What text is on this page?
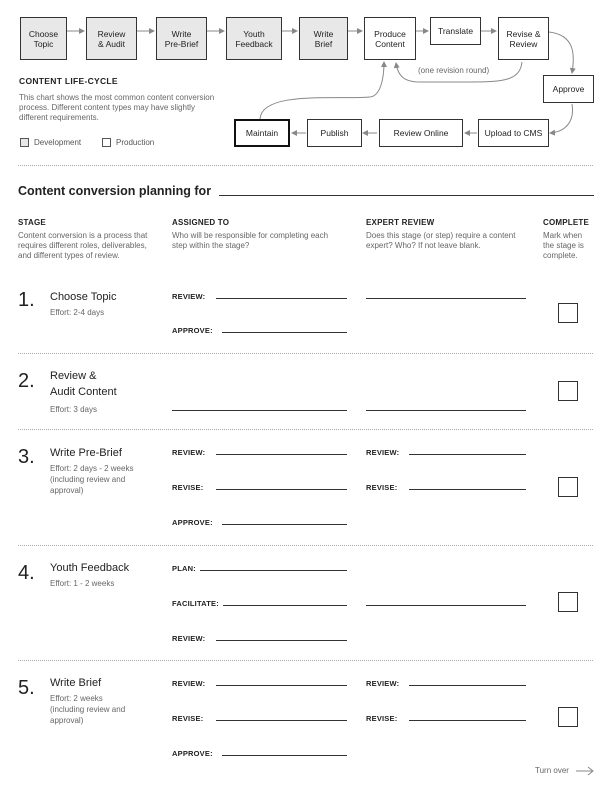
Choose
Topic
Review
& Audit
Write
Pre-Brief
Youth
Feedback
Write
Brief
Produce
Content
Translate	Revise &
Review
(one revision round)
Approve
Upload to CMS
Review Online
Publish
Maintain
CONTENT LIFE-CYCLE
This chart shows the most common content conversion process. Different content types may have slightly different requirements.
Development	Production
Content conversion planning for
STAGE
Content conversion is a process that requires different roles, deliverables, and different types of review.
ASSIGNED TO
Who will be responsible for completing each step within the stage?
EXPERT REVIEW
Does this stage (or step) require a content expert? Who? If not leave blank.
COMPLETE
Mark when the stage is complete.
1. Choose Topic
Effort: 2-4 days
REVIEW:
APPROVE:
2. Review &
Audit Content
Effort: 3 days
3. Write Pre-Brief
Effort: 2 days - 2 weeks
(including review and
approval)
REVIEW:
REVISE:
APPROVE:
REVIEW:
REVISE:
4. Youth Feedback
Effort: 1 - 2 weeks
PLAN:
FACILITATE:
REVIEW:
5. Write Brief
Effort: 2 weeks
(including review and
approval)
REVIEW:
REVISE:
APPROVE:
REVIEW:
REVISE:
Turn over
